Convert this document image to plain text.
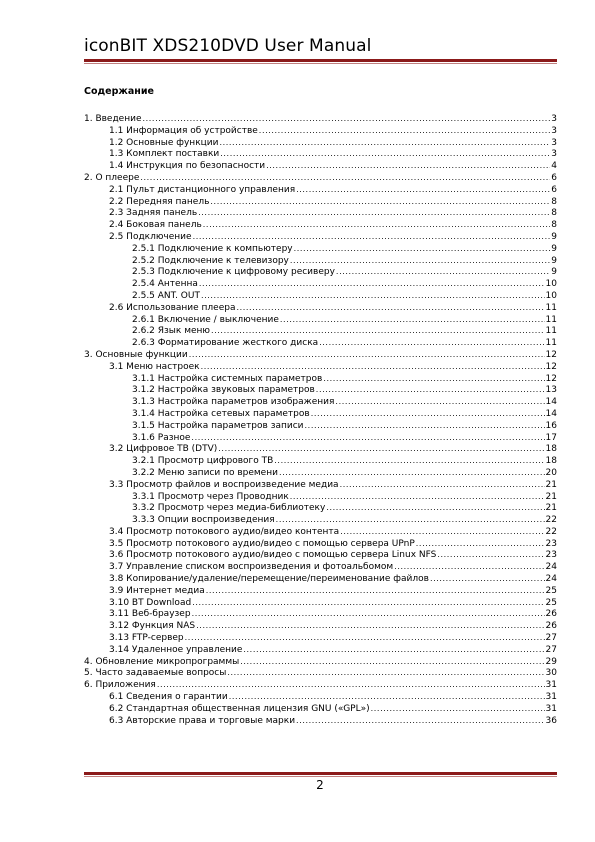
iconBIT XDS210DVD User Manual
Содержание
1. Введение .....	3
1.1 Информация об устройстве .....	3
1.2 Основные функции .....	3
1.3 Комплект поставки .....	3
1.4 Инструкция по безопасности .....	4
2. О плеере .....	6
2.1 Пульт дистанционного управления .....	6
2.2 Передняя панель .....	8
2.3 Задняя панель .....	8
2.4 Боковая панель .....	8
2.5 Подключение .....	9
2.5.1 Подключение к компьютеру .....	9
2.5.2 Подключение к телевизору .....	9
2.5.3 Подключение к цифровому ресиверу .....	9
2.5.4 Антенна .....	10
2.5.5 ANT. OUT .....	10
2.6 Использование плеера .....	11
2.6.1 Включение / выключение .....	11
2.6.2 Язык меню .....	11
2.6.3 Форматирование жесткого диска .....	11
3. Основные функции .....	12
3.1 Меню настроек .....	12
3.1.1 Настройка системных параметров .....	12
3.1.2 Настройка звуковых параметров .....	13
3.1.3 Настройка параметров изображения .....	14
3.1.4 Настройка сетевых параметров .....	14
3.1.5 Настройка параметров записи .....	16
3.1.6 Разное .....	17
3.2 Цифровое ТВ (DTV) .....	18
3.2.1 Просмотр цифрового ТВ .....	18
3.2.2 Меню записи по времени .....	20
3.3 Просмотр файлов и воспроизведение медиа .....	21
3.3.1 Просмотр через Проводник .....	21
3.3.2 Просмотр через медиа-библиотеку .....	21
3.3.3 Опции воспроизведения .....	22
3.4 Просмотр потокового аудио/видео контента .....	22
3.5 Просмотр потокового аудио/видео с помощью сервера UPnP .....	23
3.6 Просмотр потокового аудио/видео с помощью сервера Linux NFS .....	23
3.7 Управление списком воспроизведения и фотоальбомом .....	24
3.8 Копирование/удаление/перемещение/переименование файлов .....	24
3.9 Интернет медиа .....	25
3.10 BT Download .....	25
3.11 Веб-браузер .....	26
3.12 Функция NAS .....	26
3.13 FTP-сервер .....	27
3.14 Удаленное управление .....	27
4. Обновление микропрограммы .....	29
5. Часто задаваемые вопросы .....	30
6. Приложения .....	31
6.1 Сведения о гарантии .....	31
6.2 Стандартная общественная лицензия GNU («GPL») .....	31
6.3 Авторские права и торговые марки .....	36
2
